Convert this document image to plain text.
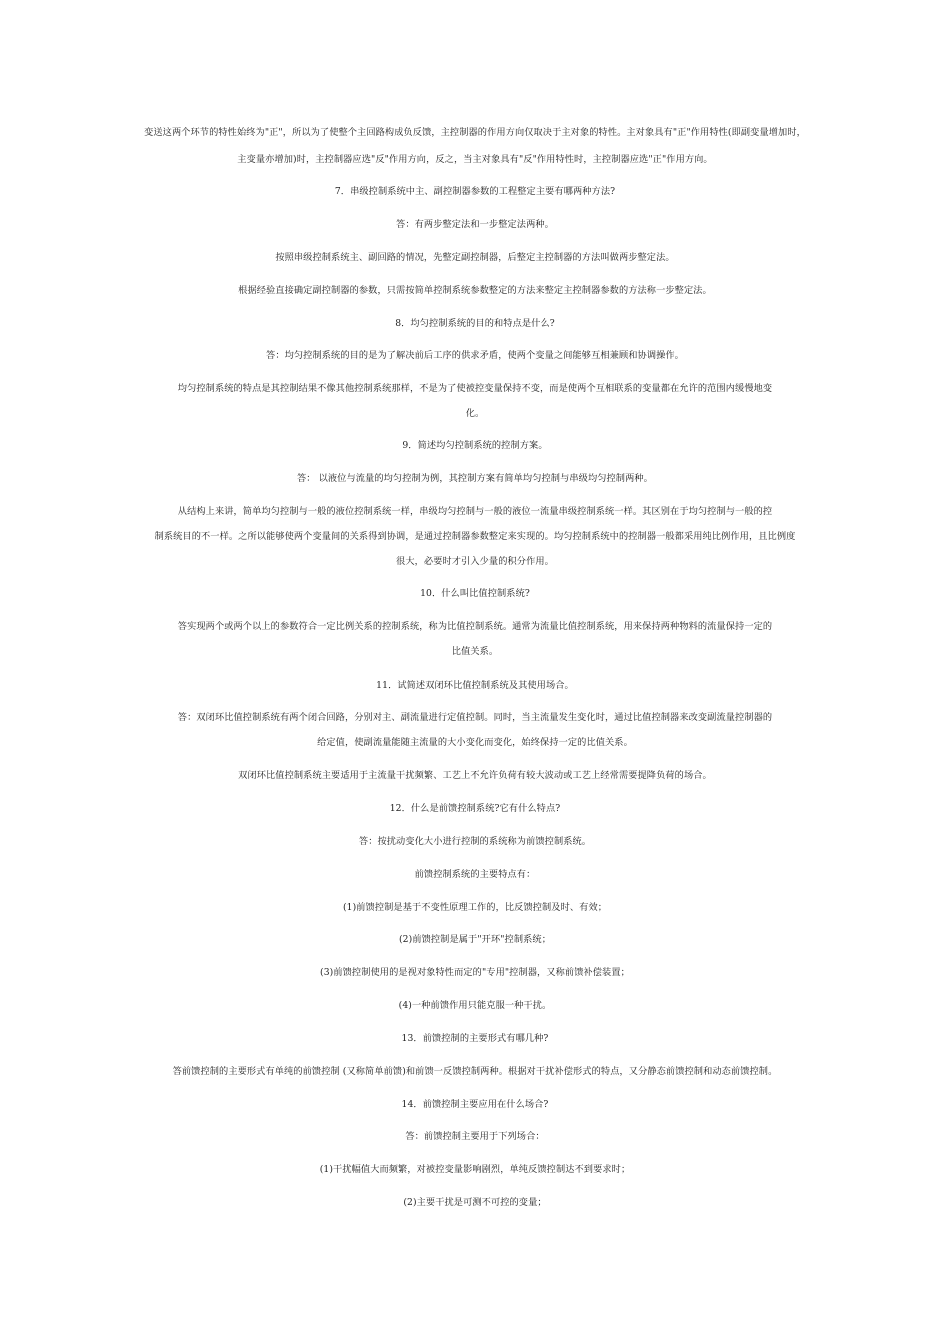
变送这两个环节的特性始终为"正"，所以为了使整个主回路构成负反馈，主控制器的作用方向仅取决于主对象的特性。主对象具有"正"作用特性(即副变量增加时，
主变量亦增加)时，主控制器应选"反"作用方向，反之，当主对象具有"反"作用特性时，主控制器应选"正"作用方向。
7．串级控制系统中主、副控制器参数的工程整定主要有哪两种方法?
答：有两步整定法和一步整定法两种。
按照串级控制系统主、副回路的情况，先整定副控制器，后整定主控制器的方法叫做两步整定法。
根据经验直接确定副控制器的参数，只需按简单控制系统参数整定的方法来整定主控制器参数的方法称一步整定法。
8．均匀控制系统的目的和特点是什么?
答：均匀控制系统的目的是为了解决前后工序的供求矛盾，使两个变量之间能够互相兼顾和协调操作。
均匀控制系统的特点是其控制结果不像其他控制系统那样，不是为了使被控变量保持不变，而是使两个互相联系的变量都在允许的范围内缓慢地变
化。
9．简述均匀控制系统的控制方案。
答： 以液位与流量的均匀控制为例，其控制方案有简单均匀控制与串级均匀控制两种。
从结构上来讲，简单均匀控制与一般的液位控制系统一样，串级均匀控制与一般的液位一流量串级控制系统一样。其区别在于均匀控制与一般的控
制系统目的不一样。之所以能够使两个变量间的关系得到协调，是通过控制器参数整定来实现的。均匀控制系统中的控制器一般都采用纯比例作用，且比例度
很大，必要时才引入少量的积分作用。
10．什么叫比值控制系统?
答实现两个或两个以上的参数符合一定比例关系的控制系统，称为比值控制系统。通常为流量比值控制系统，用来保持两种物料的流量保持一定的
比值关系。
11．试简述双闭环比值控制系统及其使用场合。
答：双闭环比值控制系统有两个闭合回路，分别对主、副流量进行定值控制。同时，当主流量发生变化时，通过比值控制器来改变副流量控制器的
给定值，使副流量能随主流量的大小变化而变化，始终保持一定的比值关系。
双闭环比值控制系统主要适用于主流量干扰频繁、工艺上不允许负荷有较大波动或工艺上经常需要提降负荷的场合。
12．什么是前馈控制系统?它有什么特点?
答：按扰动变化大小进行控制的系统称为前馈控制系统。
前馈控制系统的主要特点有：
(1)前馈控制是基于不变性原理工作的，比反馈控制及时、有效；
(2)前馈控制是属于"开环"控制系统；
(3)前馈控制使用的是视对象特性而定的"专用"控制器，又称前馈补偿装置；
(4)一种前馈作用只能克服一种干扰。
13．前馈控制的主要形式有哪几种?
答前馈控制的主要形式有单纯的前馈控制 (又称简单前馈)和前馈一反馈控制两种。根据对干扰补偿形式的特点，又分静态前馈控制和动态前馈控制。
14．前馈控制主要应用在什么场合?
答：前馈控制主要用于下列场合：
(1)干扰幅值大而频繁，对被控变量影响剧烈，单纯反馈控制达不到要求时；
(2)主要干扰是可测不可控的变量；
